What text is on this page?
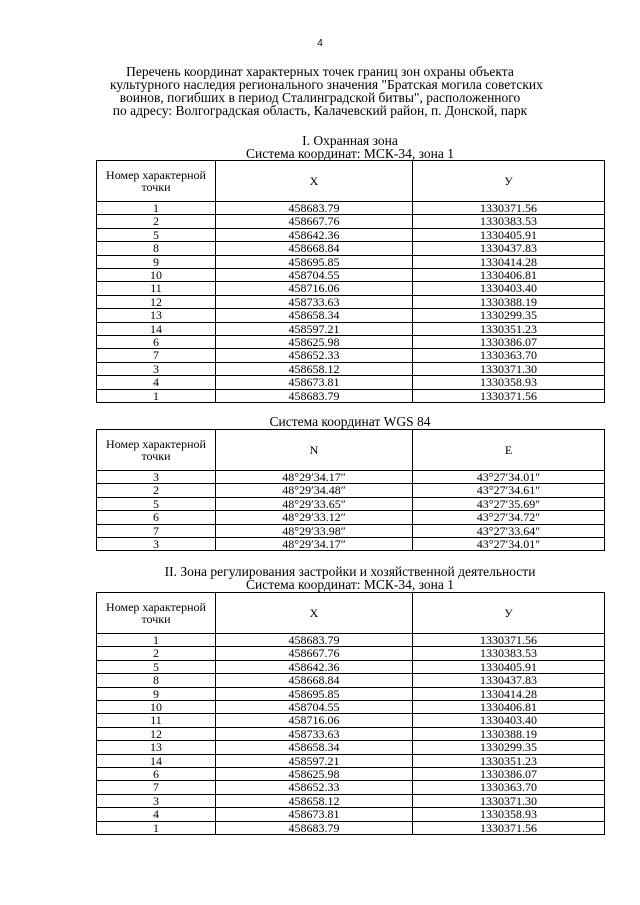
4
Перечень координат характерных точек границ зон охраны объекта
культурного наследия регионального значения "Братская могила советских
воинов, погибших в период Сталинградской битвы", расположенного
по адресу: Волгоградская область, Калачевский район, п. Донской, парк
I. Охранная зона
Система координат: МСК-34, зона 1
Номер характерной точки	Х	У
1	458683.79	1330371.56
2	458667.76	1330383.53
5	458642.36	1330405.91
8	458668.84	1330437.83
9	458695.85	1330414.28
10	458704.55	1330406.81
11	458716.06	1330403.40
12	458733.63	1330388.19
13	458658.34	1330299.35
14	458597.21	1330351.23
6	458625.98	1330386.07
7	458652.33	1330363.70
3	458658.12	1330371.30
4	458673.81	1330358.93
1	458683.79	1330371.56
Система координат WGS 84
Номер характерной точки	N	E
3	48°29′34.17″	43°27′34.01″
2	48°29′34.48″	43°27′34.61″
5	48°29′33.65″	43°27′35.69″
6	48°29′33.12″	43°27′34.72″
7	48°29′33.98″	43°27′33.64″
3	48°29′34.17″	43°27′34.01″
II. Зона регулирования застройки и хозяйственной деятельности
Система координат: МСК-34, зона 1
Номер характерной точки	Х	У
1	458683.79	1330371.56
2	458667.76	1330383.53
5	458642.36	1330405.91
8	458668.84	1330437.83
9	458695.85	1330414.28
10	458704.55	1330406.81
11	458716.06	1330403.40
12	458733.63	1330388.19
13	458658.34	1330299.35
14	458597.21	1330351.23
6	458625.98	1330386.07
7	458652.33	1330363.70
3	458658.12	1330371.30
4	458673.81	1330358.93
1	458683.79	1330371.56
